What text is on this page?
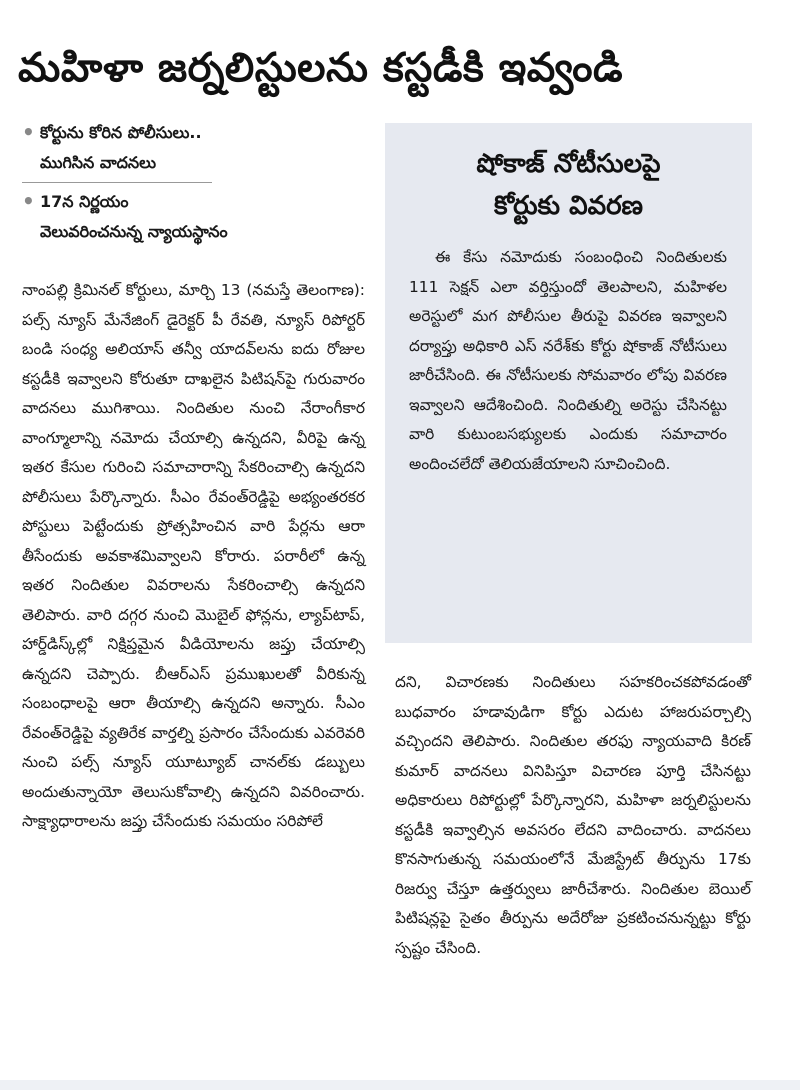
మహిళా జర్నలిస్టులను కస్టడీకి ఇవ్వండి
• కోర్టును కోరిన పోలీసులు..
ముగిసిన వాదనలు
• 17న నిర్ణయం
వెలువరించనున్న న్యాయస్థానం

నాంపల్లి క్రిమినల్‌ కోర్టులు, మార్చి 13 (నమస్తే తెలంగాణ): పల్స్‌ న్యూస్‌ మేనేజింగ్‌ డైరెక్టర్‌ పీ రేవతి, న్యూస్‌ రిపోర్టర్‌ బండి సంధ్య అలియాస్‌ తన్వీ యాదవ్‌లను ఐదు రోజుల కస్టడీకి ఇవ్వాలని కోరుతూ దాఖలైన పిటిషన్‌పై గురువారం వాదనలు ముగిశాయి. నిందితుల నుంచి నేరాంగీకార వాంగ్మూలాన్ని నమోదు చేయాల్సి ఉన్నదని, వీరిపై ఉన్న ఇతర కేసుల గురించి సమాచారాన్ని సేకరించాల్సి ఉన్నదని పోలీసులు పేర్కొన్నారు. సీఎం రేవంత్‌రెడ్డిపై అభ్యంతరకర పోస్టులు పెట్టేందుకు ప్రోత్సహించిన వారి పేర్లను ఆరా తీసేందుకు అవకాశమివ్వాలని కోరారు. పరారీలో ఉన్న ఇతర నిందితుల వివరాలను సేకరించాల్సి ఉన్నదని తెలిపారు. వారి దగ్గర నుంచి మొబైల్‌ ఫోన్లను, ల్యాప్‌టాప్‌, హార్డ్‌డిస్క్‌ల్లో నిక్షిప్తమైన వీడియోలను జప్తు చేయాల్సి ఉన్నదని చెప్పారు. బీఆర్‌ఎస్‌ ప్రముఖులతో వీరికున్న సంబంధాలపై ఆరా తీయాల్సి ఉన్నదని అన్నారు. సీఎం రేవంత్‌రెడ్డిపై వ్యతిరేక వార్తల్ని ప్రసారం చేసేందుకు ఎవరెవరి నుంచి పల్స్‌ న్యూస్‌ యూట్యూబ్‌ చానల్‌కు డబ్బులు అందుతున్నాయో తెలుసుకోవాల్సి ఉన్నదని వివరించారు. సాక్ష్యాధారాలను జప్తు చేసేందుకు సమయం సరిపోలే

షోకాజ్‌ నోటీసులపై
కోర్టుకు వివరణ

ఈ కేసు నమోదుకు సంబంధించి నిందితులకు 111 సెక్షన్‌ ఎలా వర్తిస్తుందో తెలపాలని, మహిళల అరెస్టులో మగ పోలీసుల తీరుపై వివరణ ఇవ్వాలని దర్యాప్తు అధికారి ఎస్‌ నరేశ్‌కు కోర్టు షోకాజ్‌ నోటీసులు జారీచేసింది. ఈ నోటీసులకు సోమవారం లోపు వివరణ ఇవ్వాలని ఆదేశించింది. నిందితుల్ని అరెస్టు చేసినట్టు వారి కుటుంబసభ్యులకు ఎందుకు సమాచారం అందించలేదో తెలియజేయాలని సూచించింది.

దని, విచారణకు నిందితులు సహకరించకపోవడంతో బుధవారం హడావుడిగా కోర్టు ఎదుట హాజరుపర్చాల్సి వచ్చిందని తెలిపారు. నిందితుల తరఫు న్యాయవాది కిరణ్‌ కుమార్‌ వాదనలు వినిపిస్తూ విచారణ పూర్తి చేసినట్టు అధికారులు రిపోర్టుల్లో పేర్కొన్నారని, మహిళా జర్నలిస్టులను కస్టడీకి ఇవ్వాల్సిన అవసరం లేదని వాదించారు. వాదనలు కొనసాగుతున్న సమయంలోనే మేజిస్ట్రేట్‌ తీర్పును 17కు రిజర్వు చేస్తూ ఉత్తర్వులు జారీచేశారు. నిందితుల బెయిల్‌ పిటిషన్లపై సైతం తీర్పును అదేరోజు ప్రకటించనున్నట్టు కోర్టు స్పష్టం చేసింది.
